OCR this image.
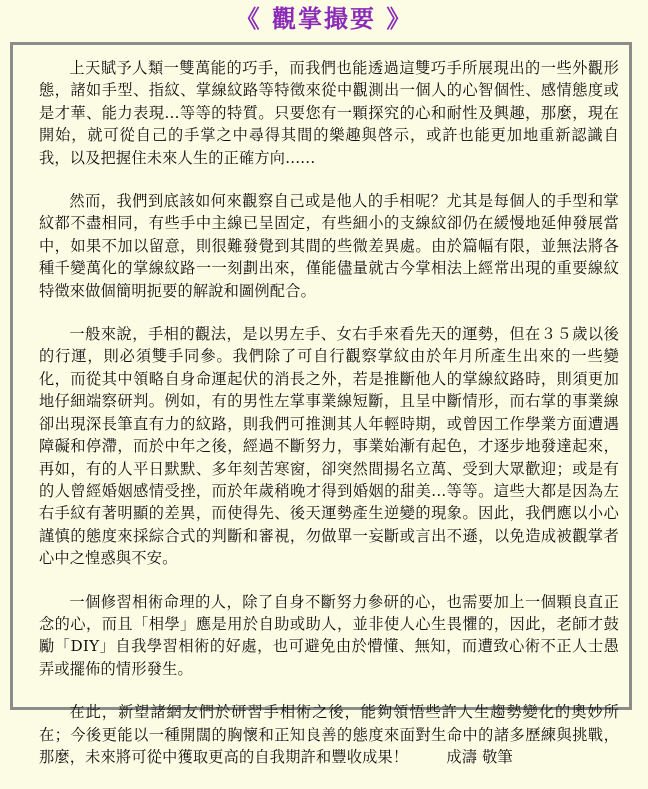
《 觀掌撮要 》

上天賦予人類一雙萬能的巧手，而我們也能透過這雙巧手所展現出的一些外觀形態，諸如手型、指紋、掌線紋路等特徵來從中觀測出一個人的心智個性、感情態度或是才華、能力表現...等等的特質。只要您有一顆探究的心和耐性及興趣，那麼，現在開始，就可從自己的手掌之中尋得其間的樂趣與啓示，或許也能更加地重新認識自我，以及把握住未來人生的正確方向......

然而，我們到底該如何來觀察自己或是他人的手相呢？尤其是每個人的手型和掌紋都不盡相同，有些手中主線已呈固定，有些細小的支線紋卻仍在緩慢地延伸發展當中，如果不加以留意，則很難發覺到其間的些微差異處。由於篇幅有限，並無法將各種千變萬化的掌線紋路一一刻劃出來，僅能儘量就古今掌相法上經常出現的重要線紋特徵來做個簡明扼要的解說和圖例配合。

一般來說，手相的觀法，是以男左手、女右手來看先天的運勢，但在３５歲以後的行運，則必須雙手同參。我們除了可自行觀察掌紋由於年月所產生出來的一些變化，而從其中領略自身命運起伏的消長之外，若是推斷他人的掌線紋路時，則須更加地仔細端察研判。例如，有的男性左掌事業線短斷，且呈中斷情形，而右掌的事業線卻出現深長筆直有力的紋路，則我們可推測其人年輕時期，或曾因工作學業方面遭遇障礙和停滯，而於中年之後，經過不斷努力，事業始漸有起色，才逐步地發達起來，再如，有的人平日默默、多年刻苦寒窗，卻突然間揚名立萬、受到大眾歡迎；或是有的人曾經婚姻感情受挫，而於年歲稍晚才得到婚姻的甜美...等等。這些大都是因為左右手紋有著明顯的差異，而使得先、後天運勢產生逆變的現象。因此，我們應以小心謹慎的態度來採綜合式的判斷和審視，勿做單一妄斷或言出不遜，以免造成被觀掌者心中之惶惑與不安。

一個修習相術命理的人，除了自身不斷努力參研的心，也需要加上一個顆良直正念的心，而且「相學」應是用於自助或助人，並非使人心生畏懼的，因此，老師才鼓勵「DIY」自我學習相術的好處，也可避免由於懵懂、無知，而遭致心術不正人士愚弄或擺佈的情形發生。

在此，新望諸網友們於研習手相術之後，能夠領悟些許人生趨勢變化的奧妙所在；今後更能以一種開闊的胸懷和正知良善的態度來面對生命中的諸多歷練與挑戰，那麼，未來將可從中獲取更高的自我期許和豐收成果！	成濤 敬筆
